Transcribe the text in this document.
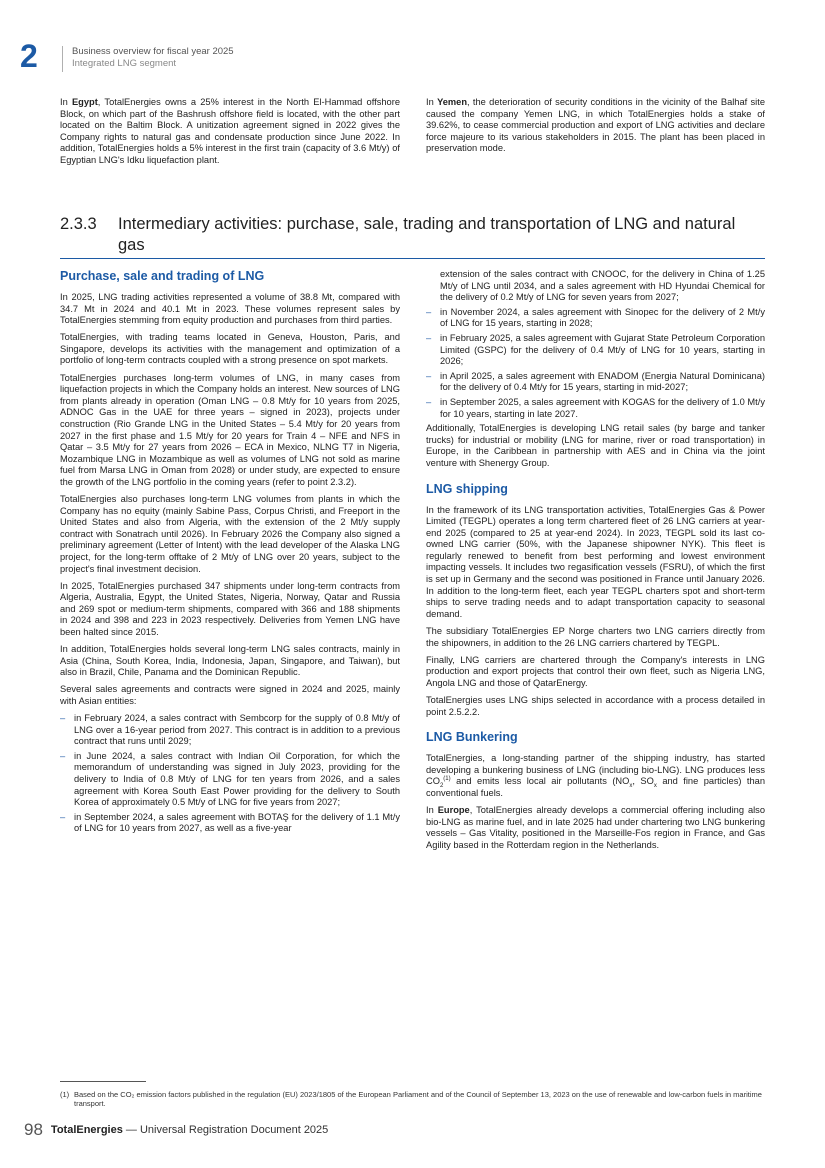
2	Business overview for fiscal year 2025
Integrated LNG segment

In Egypt, TotalEnergies owns a 25% interest in the North El-Hammad offshore Block, on which part of the Bashrush offshore field is located, with the other part located on the Baltim Block. A unitization agreement signed in 2022 gives the Company rights to natural gas and condensate production since June 2022. In addition, TotalEnergies holds a 5% interest in the first train (capacity of 3.6 Mt/y) of Egyptian LNG's Idku liquefaction plant.

In Yemen, the deterioration of security conditions in the vicinity of the Balhaf site caused the company Yemen LNG, in which TotalEnergies holds a stake of 39.62%, to cease commercial production and export of LNG activities and declare force majeure to its various stakeholders in 2015. The plant has been placed in preservation mode.

2.3.3 Intermediary activities: purchase, sale, trading and transportation of LNG and natural gas
Purchase, sale and trading of LNG

In 2025, LNG trading activities represented a volume of 38.8 Mt, compared with 34.7 Mt in 2024 and 40.1 Mt in 2023. These volumes represent sales by TotalEnergies stemming from equity production and purchases from third parties.

TotalEnergies, with trading teams located in Geneva, Houston, Paris, and Singapore, develops its activities with the management and optimization of a portfolio of long-term contracts coupled with a strong presence on spot markets.

TotalEnergies purchases long-term volumes of LNG, in many cases from liquefaction projects in which the Company holds an interest. New sources of LNG from plants already in operation (Oman LNG – 0.8 Mt/y for 10 years from 2025, ADNOC Gas in the UAE for three years – signed in 2023), projects under construction (Rio Grande LNG in the United States – 5.4 Mt/y for 20 years from 2027 in the first phase and 1.5 Mt/y for 20 years for Train 4 – NFE and NFS in Qatar – 3.5 Mt/y for 27 years from 2026 – ECA in Mexico, NLNG T7 in Nigeria, Mozambique LNG in Mozambique as well as volumes of LNG not sold as marine fuel from Marsa LNG in Oman from 2028) or under study, are expected to ensure the growth of the LNG portfolio in the coming years (refer to point 2.3.2).

TotalEnergies also purchases long-term LNG volumes from plants in which the Company has no equity (mainly Sabine Pass, Corpus Christi, and Freeport in the United States and also from Algeria, with the extension of the 2 Mt/y supply contract with Sonatrach until 2026). In February 2026 the Company also signed a preliminary agreement (Letter of Intent) with the lead developer of the Alaska LNG project, for the long-term offtake of 2 Mt/y of LNG over 20 years, subject to the project's final investment decision.

In 2025, TotalEnergies purchased 347 shipments under long-term contracts from Algeria, Australia, Egypt, the United States, Nigeria, Norway, Qatar and Russia and 269 spot or medium-term shipments, compared with 366 and 188 shipments in 2024 and 398 and 223 in 2023 respectively. Deliveries from Yemen LNG have been halted since 2015.

In addition, TotalEnergies holds several long-term LNG sales contracts, mainly in Asia (China, South Korea, India, Indonesia, Japan, Singapore, and Taiwan), but also in Brazil, Chile, Panama and the Dominican Republic.

Several sales agreements and contracts were signed in 2024 and 2025, mainly with Asian entities:

– in February 2024, a sales contract with Sembcorp for the supply of 0.8 Mt/y of LNG over a 16-year period from 2027. This contract is in addition to a previous contract that runs until 2029;
– in June 2024, a sales contract with Indian Oil Corporation, for which the memorandum of understanding was signed in July 2023, providing for the delivery to India of 0.8 Mt/y of LNG for ten years from 2026, and a sales agreement with Korea South East Power providing for the delivery to South Korea of approximately 0.5 Mt/y of LNG for five years from 2027;
– in September 2024, a sales agreement with BOTAŞ for the delivery of 1.1 Mt/y of LNG for 10 years from 2027, as well as a five-year
extension of the sales contract with CNOOC, for the delivery in China of 1.25 Mt/y of LNG until 2034, and a sales agreement with HD Hyundai Chemical for the delivery of 0.2 Mt/y of LNG for seven years from 2027;
– in November 2024, a sales agreement with Sinopec for the delivery of 2 Mt/y of LNG for 15 years, starting in 2028;
– in February 2025, a sales agreement with Gujarat State Petroleum Corporation Limited (GSPC) for the delivery of 0.4 Mt/y of LNG for 10 years, starting in 2026;
– in April 2025, a sales agreement with ENADOM (Energia Natural Dominicana) for the delivery of 0.4 Mt/y for 15 years, starting in mid-2027;
– in September 2025, a sales agreement with KOGAS for the delivery of 1.0 Mt/y for 10 years, starting in late 2027.

Additionally, TotalEnergies is developing LNG retail sales (by barge and tanker trucks) for industrial or mobility (LNG for marine, river or road transportation) in Europe, in the Caribbean in partnership with AES and in China via the joint venture with Shenergy Group.

LNG shipping

In the framework of its LNG transportation activities, TotalEnergies Gas & Power Limited (TEGPL) operates a long term chartered fleet of 26 LNG carriers at year-end 2025 (compared to 25 at year-end 2024). In 2023, TEGPL sold its last co-owned LNG carrier (50%, with the Japanese shipowner NYK). This fleet is regularly renewed to benefit from best performing and lowest environment impacting vessels. It includes two regasification vessels (FSRU), of which the first is set up in Germany and the second was positioned in France until January 2026. In addition to the long-term fleet, each year TEGPL charters spot and short-term ships to serve trading needs and to adapt transportation capacity to seasonal demand.

The subsidiary TotalEnergies EP Norge charters two LNG carriers directly from the shipowners, in addition to the 26 LNG carriers chartered by TEGPL.

Finally, LNG carriers are chartered through the Company's interests in LNG production and export projects that control their own fleet, such as Nigeria LNG, Angola LNG and those of QatarEnergy.

TotalEnergies uses LNG ships selected in accordance with a process detailed in point 2.5.2.2.

LNG Bunkering

TotalEnergies, a long-standing partner of the shipping industry, has started developing a bunkering business of LNG (including bio-LNG). LNG produces less $CO_2^{(1)}$ and emits less local air pollutants ($NO_x$, $SO_x$ and fine particles) than conventional fuels.

In Europe, TotalEnergies already develops a commercial offering including also bio-LNG as marine fuel, and in late 2025 had under chartering two LNG bunkering vessels – Gas Vitality, positioned in the Marseille-Fos region in France, and Gas Agility based in the Rotterdam region in the Netherlands.

(1) Based on the CO₂ emission factors published in the regulation (EU) 2023/1805 of the European Parliament and of the Council of September 13, 2023 on the use of renewable and low-carbon fuels in maritime transport.
98 TotalEnergies — Universal Registration Document 2025
